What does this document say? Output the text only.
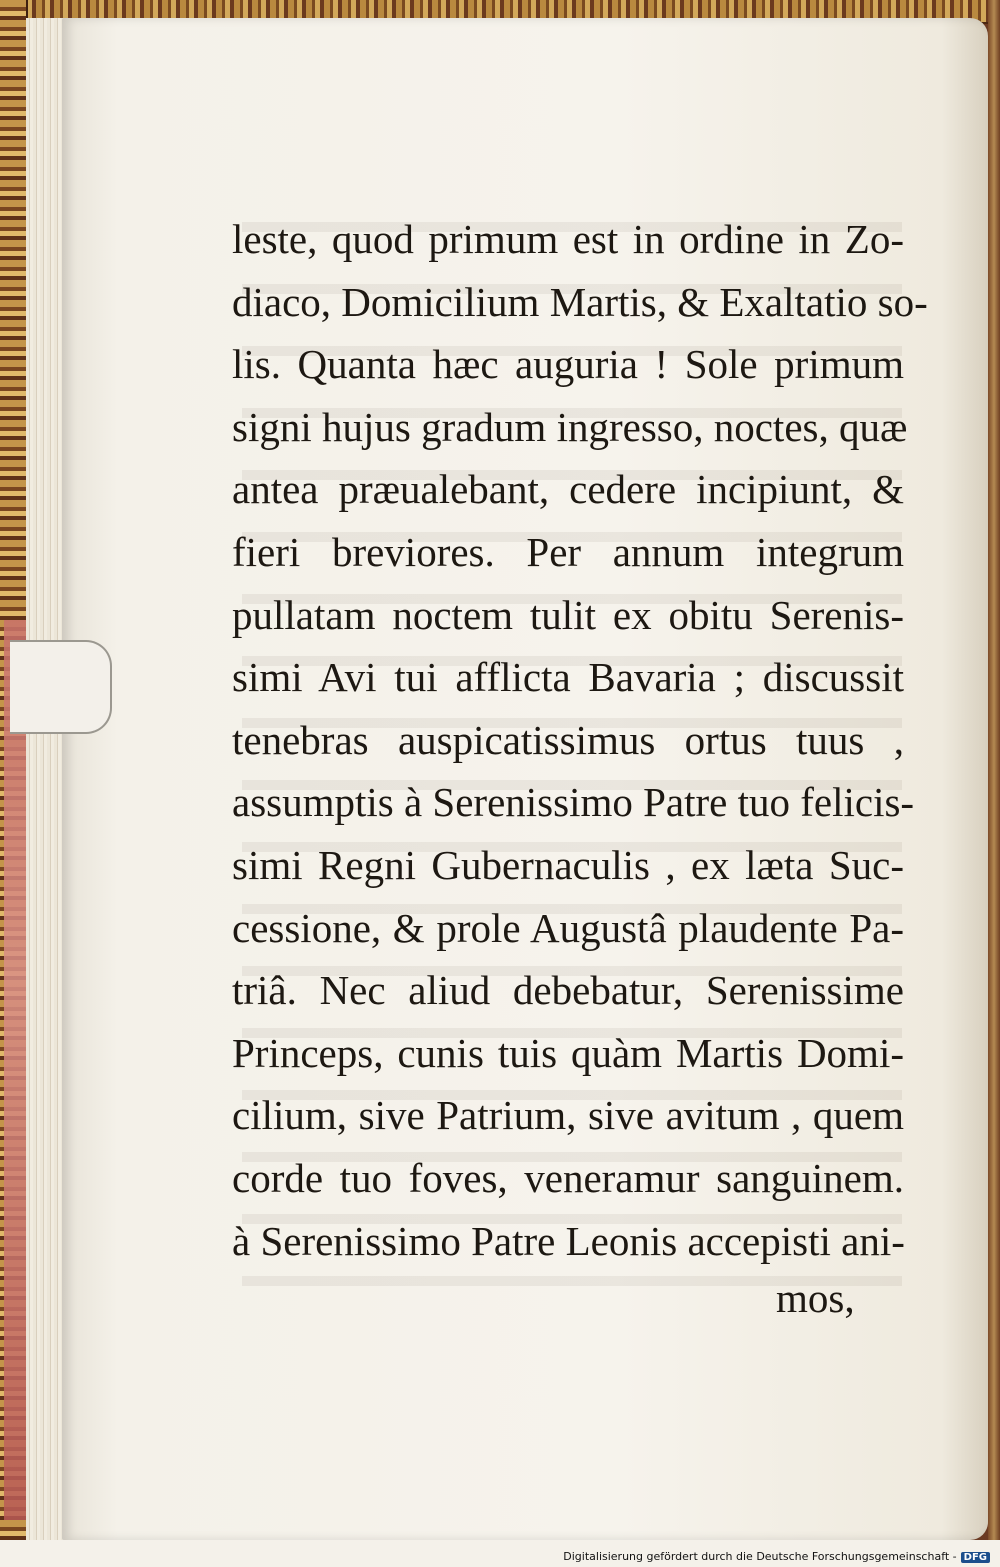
leste, quod primum est in ordine in Zo-
diaco, Domicilium Martis, & Exaltatio so-
lis. Quanta hæc auguria ! Sole primum
signi hujus gradum ingresso, noctes, quæ
antea præualebant, cedere incipiunt, &
fieri breviores. Per annum integrum
pullatam noctem tulit ex obitu Serenis-
simi Avi tui afflicta Bavaria ; discussit
tenebras auspicatissimus ortus tuus ,
assumptis à Serenissimo Patre tuo felicis-
simi Regni Gubernaculis , ex læta Suc-
cessione, & prole Augustâ plaudente Pa-
triâ. Nec aliud debebatur, Serenissime
Princeps, cunis tuis quàm Martis Domi-
cilium, sive Patrium, sive avitum , quem
corde tuo foves, veneramur sanguinem.
à Serenissimo Patre Leonis accepisti ani-
mos,
Digitalisierung gefördert durch die Deutsche Forschungsgemeinschaft - DFG
